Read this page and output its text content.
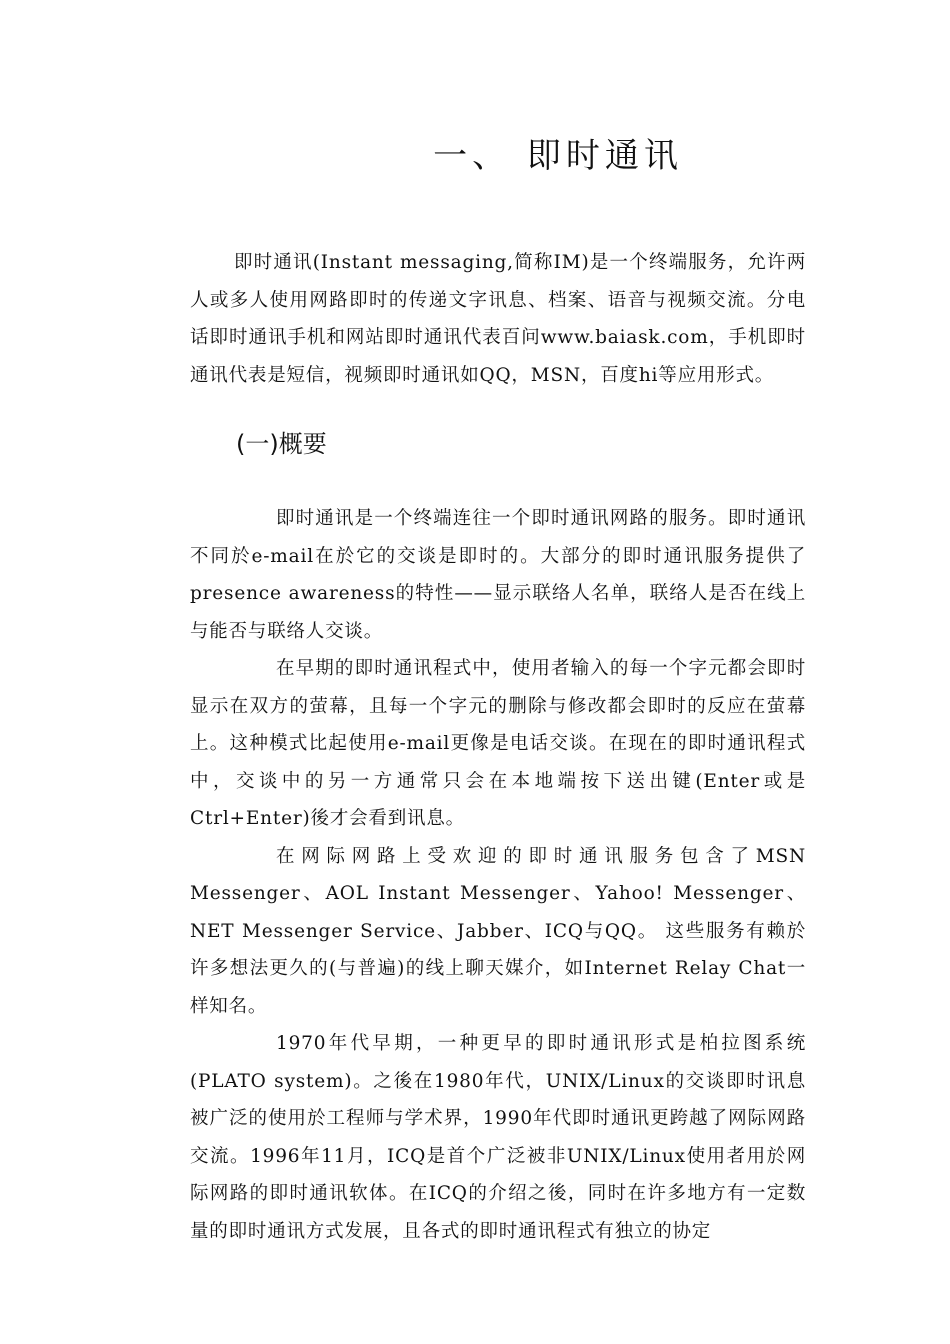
一、 即时通讯

即时通讯(Instant messaging,简称IM)是一个终端服务，允许两人或多人使用网路即时的传递文字讯息、档案、语音与视频交流。分电话即时通讯手机和网站即时通讯代表百问www.baiask.com，手机即时通讯代表是短信，视频即时通讯如QQ，MSN，百度hi等应用形式。

(一)概要

即时通讯是一个终端连往一个即时通讯网路的服务。即时通讯不同於e-mail在於它的交谈是即时的。大部分的即时通讯服务提供了presence awareness的特性——显示联络人名单，联络人是否在线上与能否与联络人交谈。

在早期的即时通讯程式中，使用者输入的每一个字元都会即时显示在双方的萤幕，且每一个字元的删除与修改都会即时的反应在萤幕上。这种模式比起使用e-mail更像是电话交谈。在现在的即时通讯程式中，交谈中的另一方通常只会在本地端按下送出键(Enter或是Ctrl+Enter)後才会看到讯息。

在网际网路上受欢迎的即时通讯服务包含了MSN Messenger、AOL Instant Messenger、Yahoo! Messenger、NET Messenger Service、Jabber、ICQ与QQ。 这些服务有赖於许多想法更久的(与普遍)的线上聊天媒介，如Internet Relay Chat一样知名。

1970年代早期，一种更早的即时通讯形式是柏拉图系统(PLATO system)。之後在1980年代，UNIX/Linux的交谈即时讯息被广泛的使用於工程师与学术界，1990年代即时通讯更跨越了网际网路交流。1996年11月，ICQ是首个广泛被非UNIX/Linux使用者用於网际网路的即时通讯软体。在ICQ的介绍之後，同时在许多地方有一定数量的即时通讯方式发展，且各式的即时通讯程式有独立的协定
